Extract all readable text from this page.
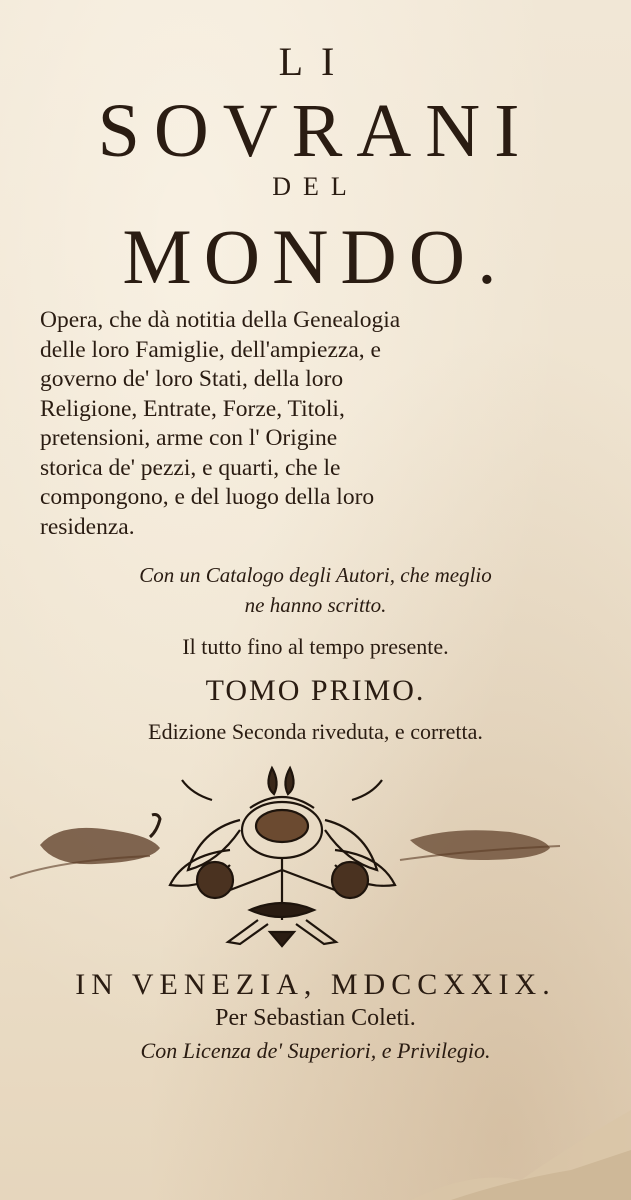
LI
SOVRANI
DEL
MONDO.
Opera, che dà notitia della Genealogia
delle loro Famiglie, dell'ampiezza, e
governo de' loro Stati, della loro
Religione, Entrate, Forze, Titoli,
pretensioni, arme con l' Origine
storica de' pezzi, e quarti, che le
compongono, e del luogo della loro
residenza.
Con un Catalogo degli Autori, che meglio
ne hanno scritto.
Il tutto fino al tempo presente.
TOMO PRIMO.
Edizione Seconda riveduta, e corretta.
IN VENEZIA, MDCCXXIX.
Per Sebastian Coleti.
Con Licenza de' Superiori, e Privilegio.
